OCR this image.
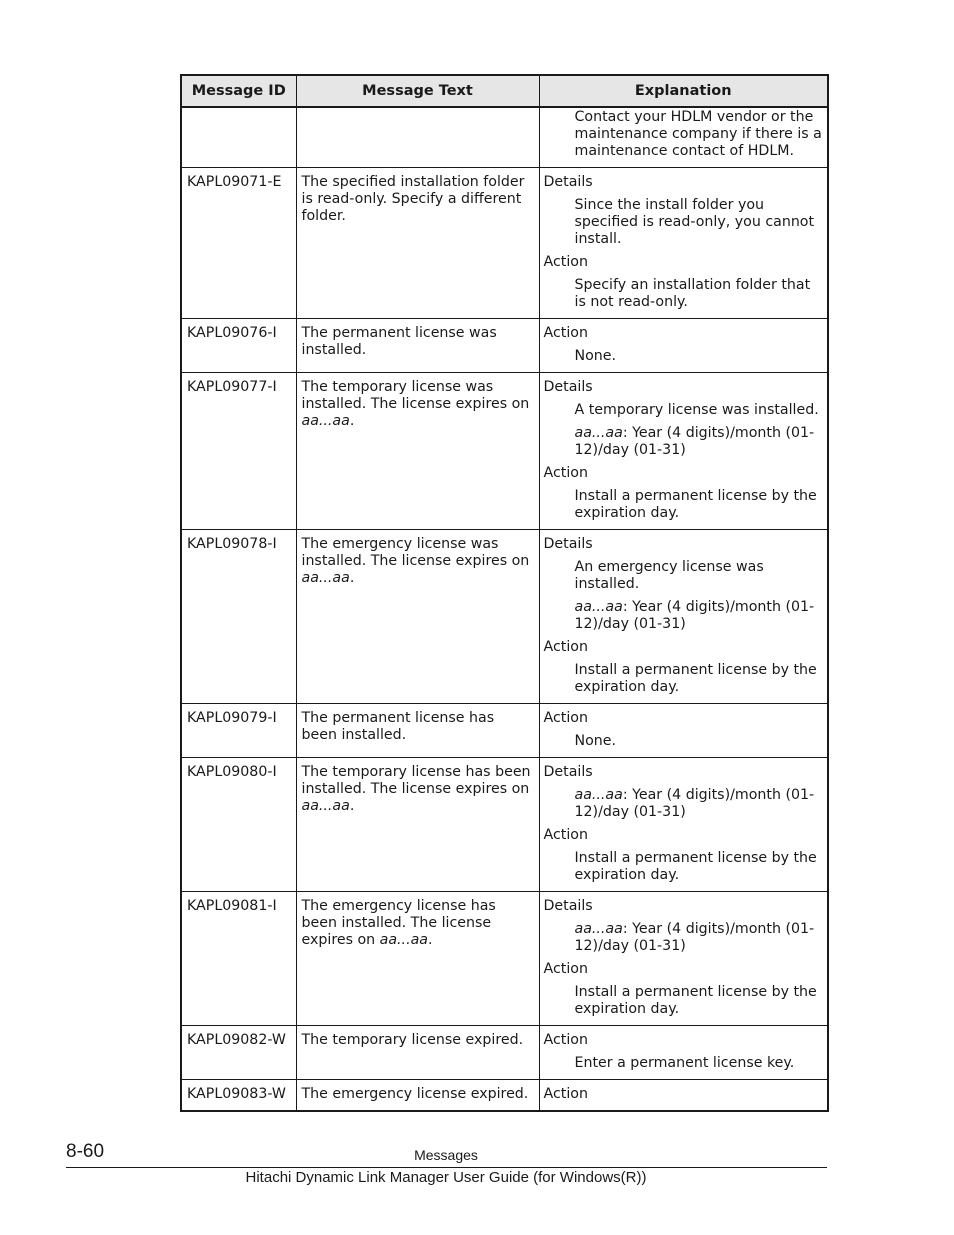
Message ID	Message Text	Explanation

		Contact your HDLM vendor or the maintenance company if there is a maintenance contact of HDLM.

KAPL09071-E	The specified installation folder is read-only. Specify a different folder.	Details
Since the install folder you specified is read-only, you cannot install.
Action
Specify an installation folder that is not read-only.

KAPL09076-I	The permanent license was installed.	Action
None.

KAPL09077-I	The temporary license was installed. The license expires on aa...aa.	Details
A temporary license was installed.
aa...aa: Year (4 digits)/month (01-12)/day (01-31)
Action
Install a permanent license by the expiration day.

KAPL09078-I	The emergency license was installed. The license expires on aa...aa.	Details
An emergency license was installed.
aa...aa: Year (4 digits)/month (01-12)/day (01-31)
Action
Install a permanent license by the expiration day.

KAPL09079-I	The permanent license has been installed.	Action
None.

KAPL09080-I	The temporary license has been installed. The license expires on aa...aa.	Details
aa...aa: Year (4 digits)/month (01-12)/day (01-31)
Action
Install a permanent license by the expiration day.

KAPL09081-I	The emergency license has been installed. The license expires on aa...aa.	Details
aa...aa: Year (4 digits)/month (01-12)/day (01-31)
Action
Install a permanent license by the expiration day.

KAPL09082-W	The temporary license expired.	Action
Enter a permanent license key.

KAPL09083-W	The emergency license expired.	Action
8-60	Messages
Hitachi Dynamic Link Manager User Guide (for Windows(R))
